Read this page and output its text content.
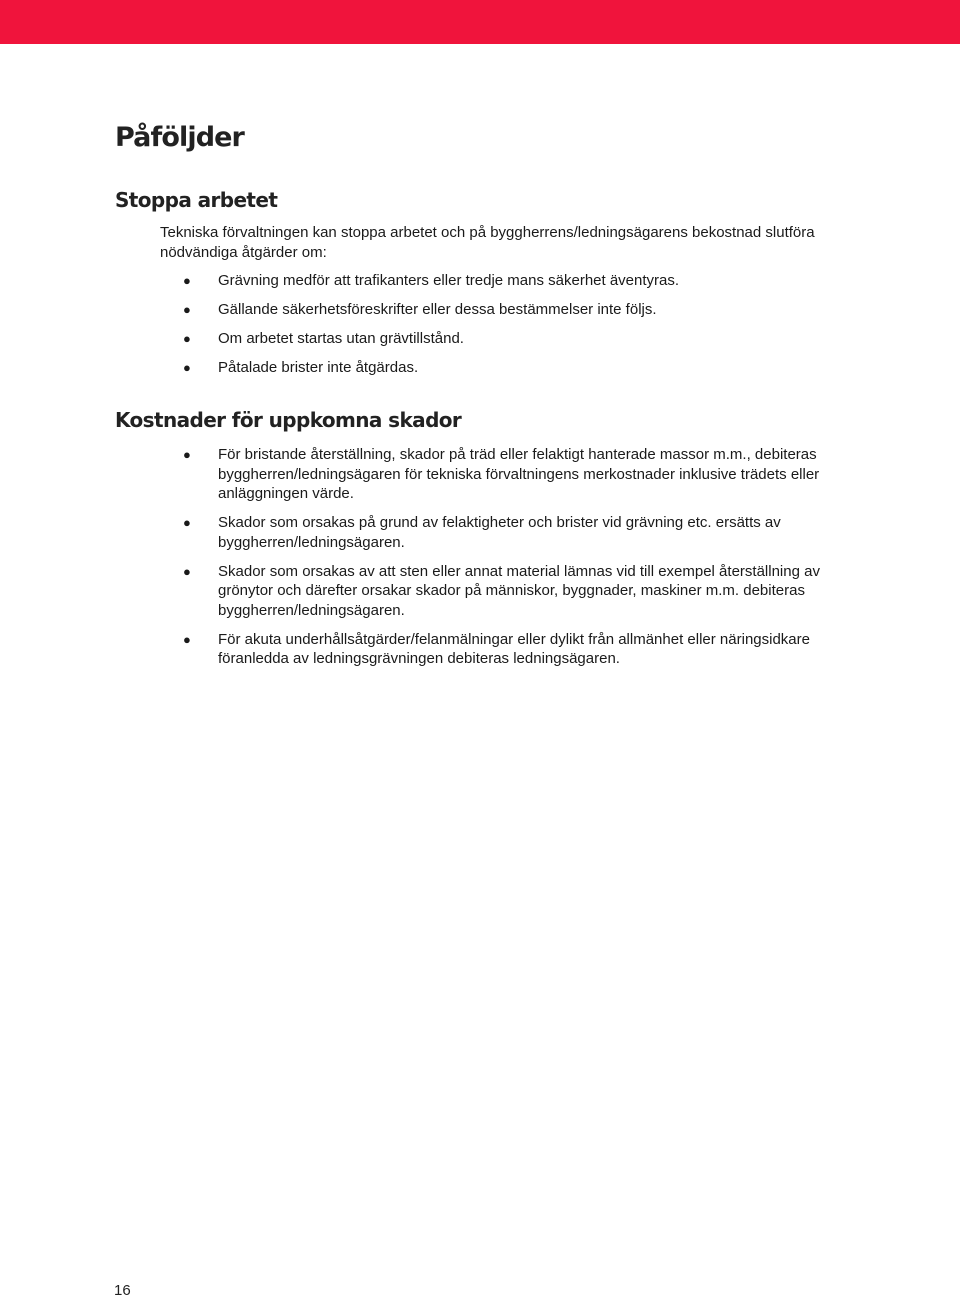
Påföljder
Stoppa arbetet

Tekniska förvaltningen kan stoppa arbetet och på byggherrens/ledningsägarens bekostnad slutföra nödvändiga åtgärder om:

● Grävning medför att trafikanters eller tredje mans säkerhet äventyras.
● Gällande säkerhetsföreskrifter eller dessa bestämmelser inte följs.
● Om arbetet startas utan grävtillstånd.
● Påtalade brister inte åtgärdas.
Kostnader för uppkomna skador
● För bristande återställning, skador på träd eller felaktigt hanterade massor m.m., debiteras byggherren/ledningsägaren för tekniska förvaltningens merkostnader inklusive trädets eller anläggningen värde.
● Skador som orsakas på grund av felaktigheter och brister vid grävning etc. ersätts av byggherren/ledningsägaren.
● Skador som orsakas av att sten eller annat material lämnas vid till exempel återställning av grönytor och därefter orsakar skador på människor, byggnader, maskiner m.m. debiteras byggherren/ledningsägaren.
● För akuta underhållsåtgärder/felanmälningar eller dylikt från allmänhet eller näringsidkare föranledda av ledningsgrävningen debiteras ledningsägaren.
16
